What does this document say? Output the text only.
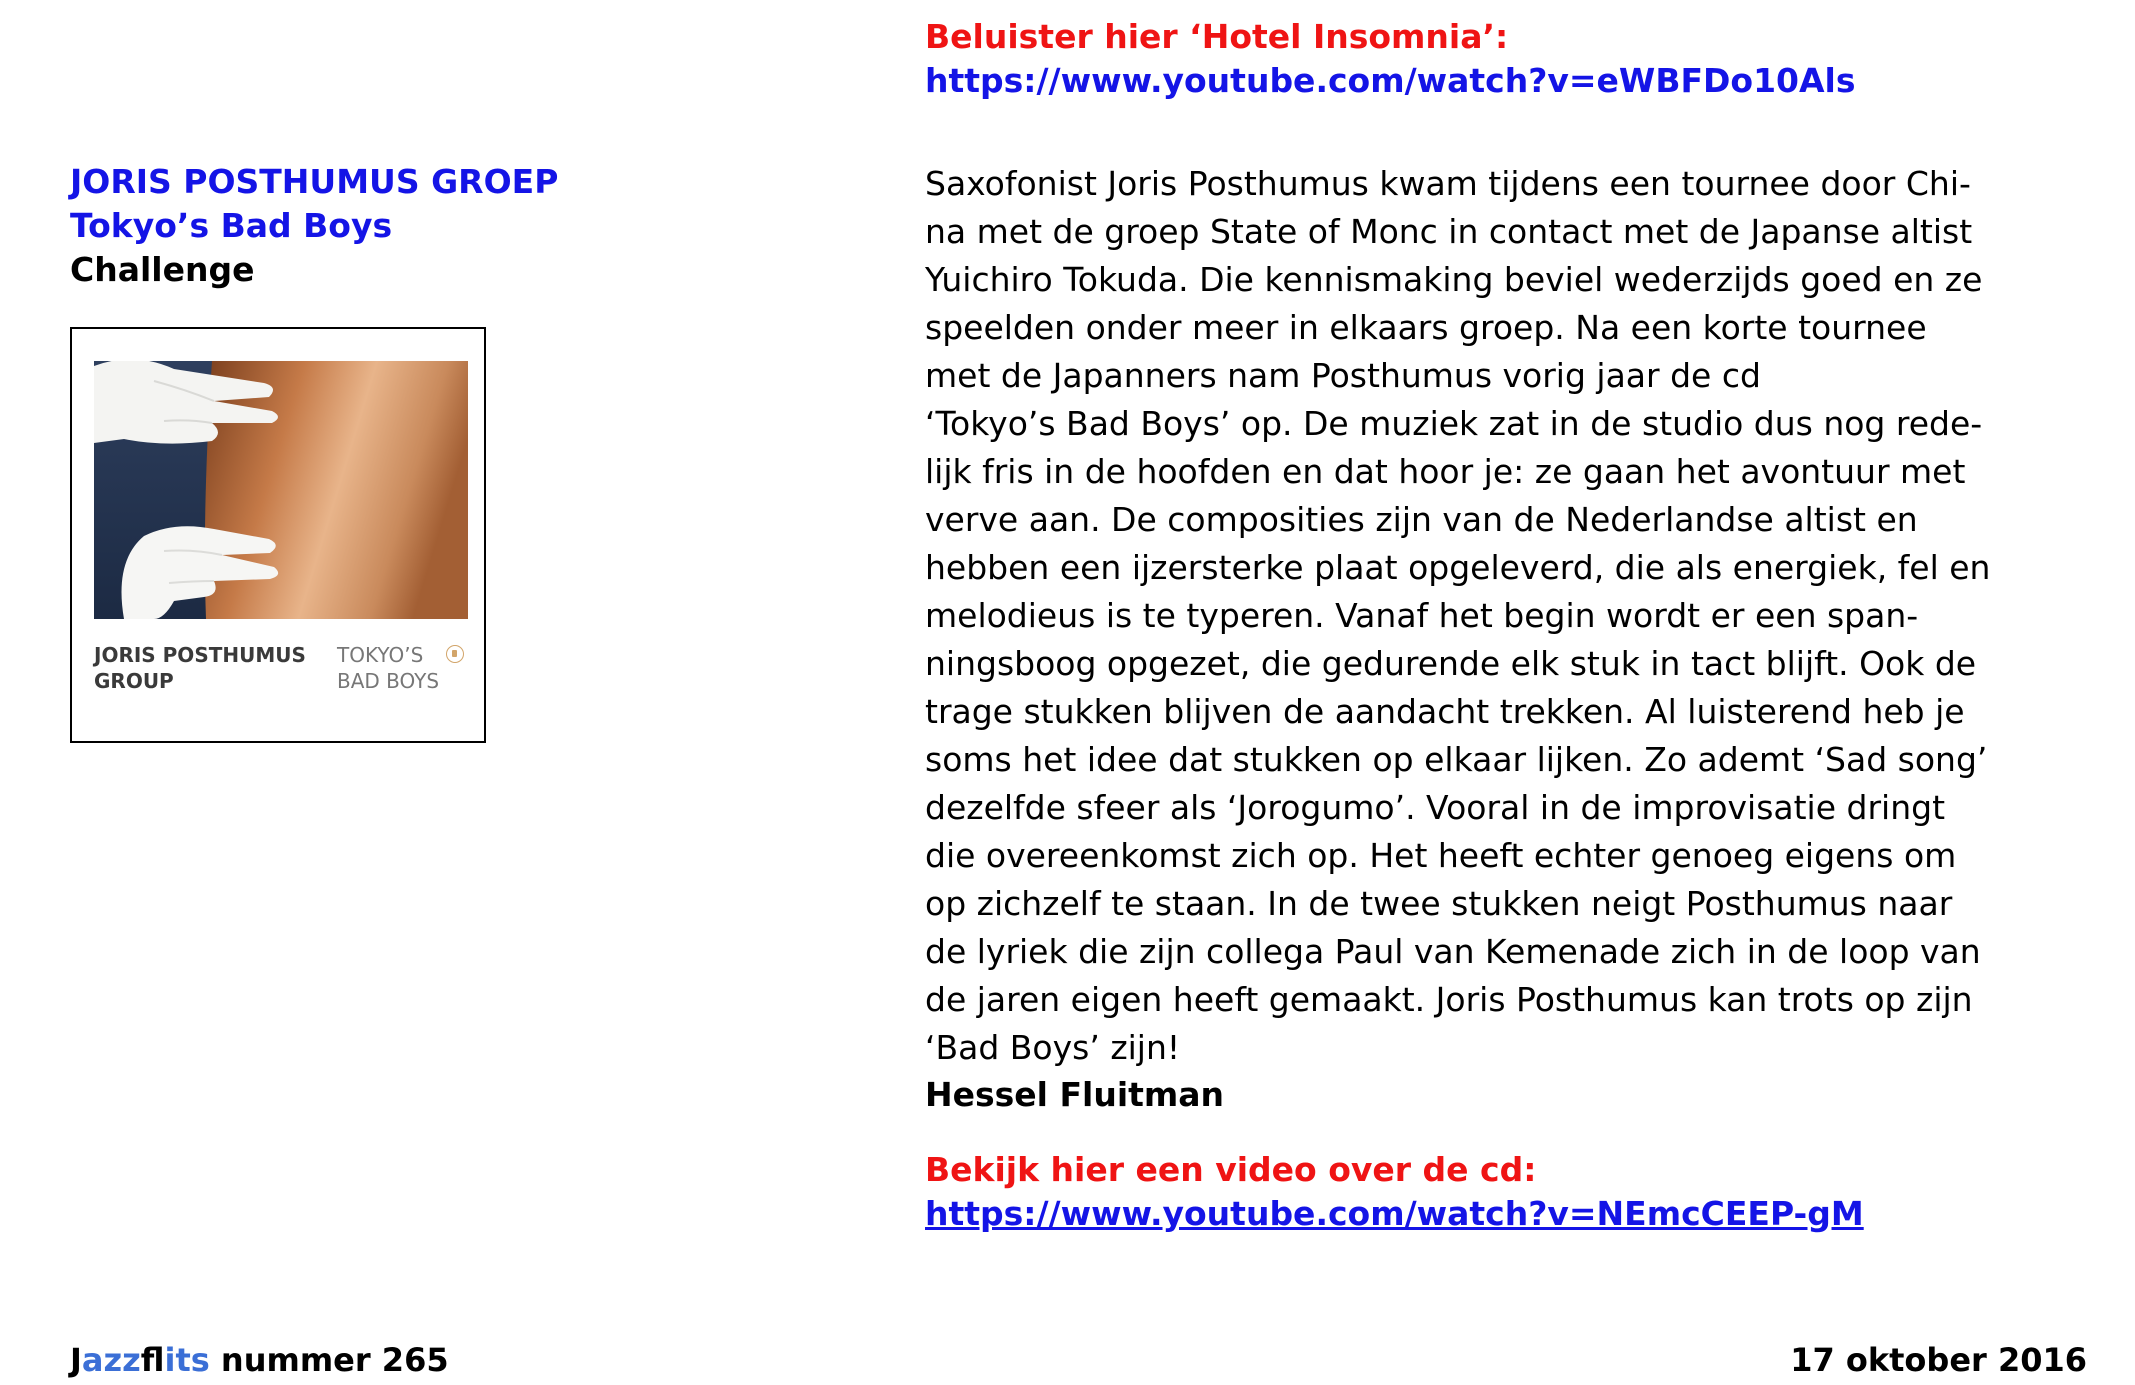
JORIS POSTHUMUS GROEP
Tokyo’s Bad Boys
Challenge
JORIS POSTHUMUS
GROUP
TOKYO’S
BAD BOYS
Beluister hier ‘Hotel Insomnia’:
https://www.youtube.com/watch?v=eWBFDo10Als
Saxofonist Joris Posthumus kwam tijdens een tournee door Chi-
na met de groep State of Monc in contact met de Japanse altist
Yuichiro Tokuda. Die kennismaking beviel wederzijds goed en ze
speelden onder meer in elkaars groep. Na een korte tournee
met de Japanners nam Posthumus vorig jaar de cd
‘Tokyo’s Bad Boys’ op. De muziek zat in de studio dus nog rede-
lijk fris in de hoofden en dat hoor je: ze gaan het avontuur met
verve aan. De composities zijn van de Nederlandse altist en
hebben een ijzersterke plaat opgeleverd, die als energiek, fel en
melodieus is te typeren. Vanaf het begin wordt er een span-
ningsboog opgezet, die gedurende elk stuk in tact blijft. Ook de
trage stukken blijven de aandacht trekken. Al luisterend heb je
soms het idee dat stukken op elkaar lijken. Zo ademt ‘Sad song’
dezelfde sfeer als ‘Jorogumo’. Vooral in de improvisatie dringt
die overeenkomst zich op. Het heeft echter genoeg eigens om
op zichzelf te staan. In de twee stukken neigt Posthumus naar
de lyriek die zijn collega Paul van Kemenade zich in de loop van
de jaren eigen heeft gemaakt. Joris Posthumus kan trots op zijn
‘Bad Boys’ zijn!
Hessel Fluitman
Bekijk hier een video over de cd:
https://www.youtube.com/watch?v=NEmcCEEP-gM
Jazzflits nummer 265	17 oktober 2016
